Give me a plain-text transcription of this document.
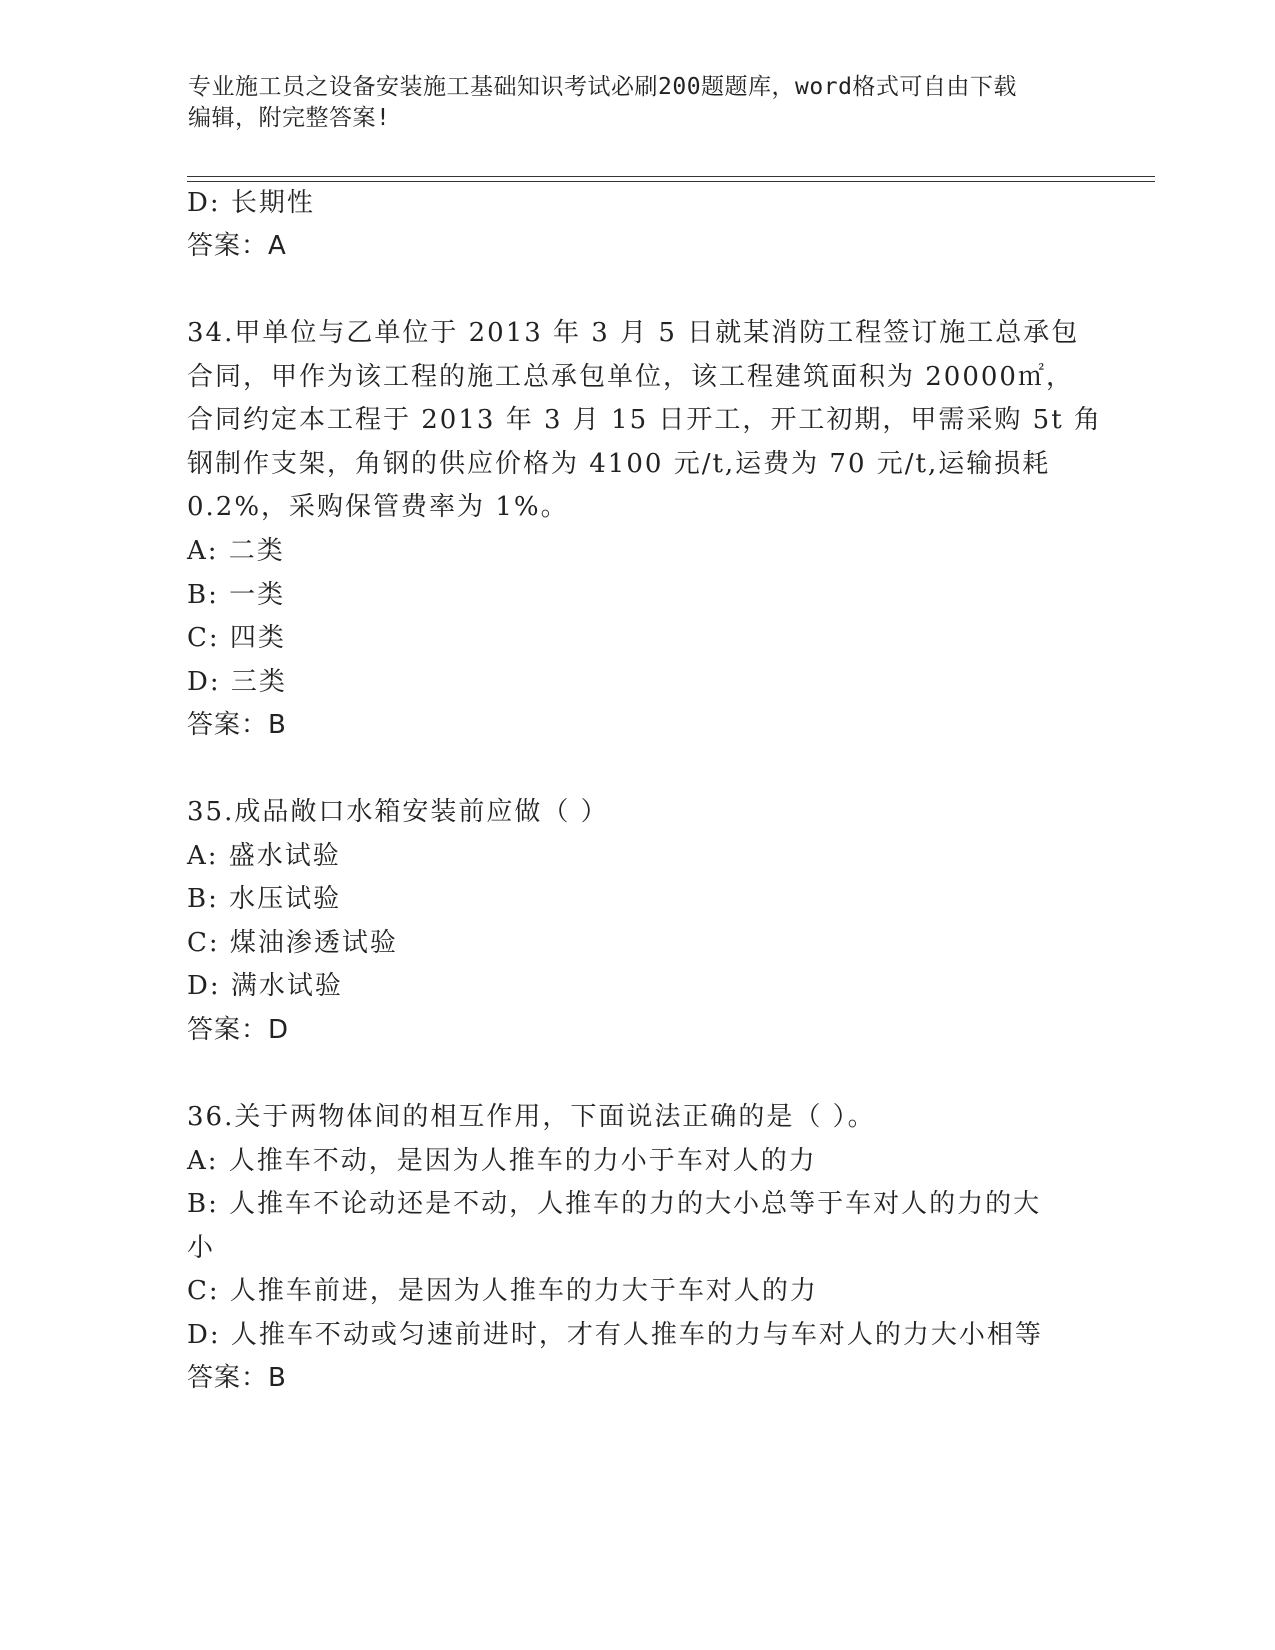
专业施工员之设备安装施工基础知识考试必刷200题题库，word格式可自由下载
编辑，附完整答案!
D: 长期性
答案：A
34.甲单位与乙单位于 2013 年 3 月 5 日就某消防工程签订施工总承包
合同，甲作为该工程的施工总承包单位，该工程建筑面积为 20000㎡，
合同约定本工程于 2013 年 3 月 15 日开工，开工初期，甲需采购 5t 角
钢制作支架，角钢的供应价格为 4100 元/t,运费为 70 元/t,运输损耗
0.2%，采购保管费率为 1%。
A: 二类
B: 一类
C: 四类
D: 三类
答案：B
35.成品敞口水箱安装前应做（ ）
A: 盛水试验
B: 水压试验
C: 煤油渗透试验
D: 满水试验
答案：D
36.关于两物体间的相互作用，下面说法正确的是（ ）。
A: 人推车不动，是因为人推车的力小于车对人的力
B: 人推车不论动还是不动，人推车的力的大小总等于车对人的力的大
小
C: 人推车前进，是因为人推车的力大于车对人的力
D: 人推车不动或匀速前进时，才有人推车的力与车对人的力大小相等
答案：B
